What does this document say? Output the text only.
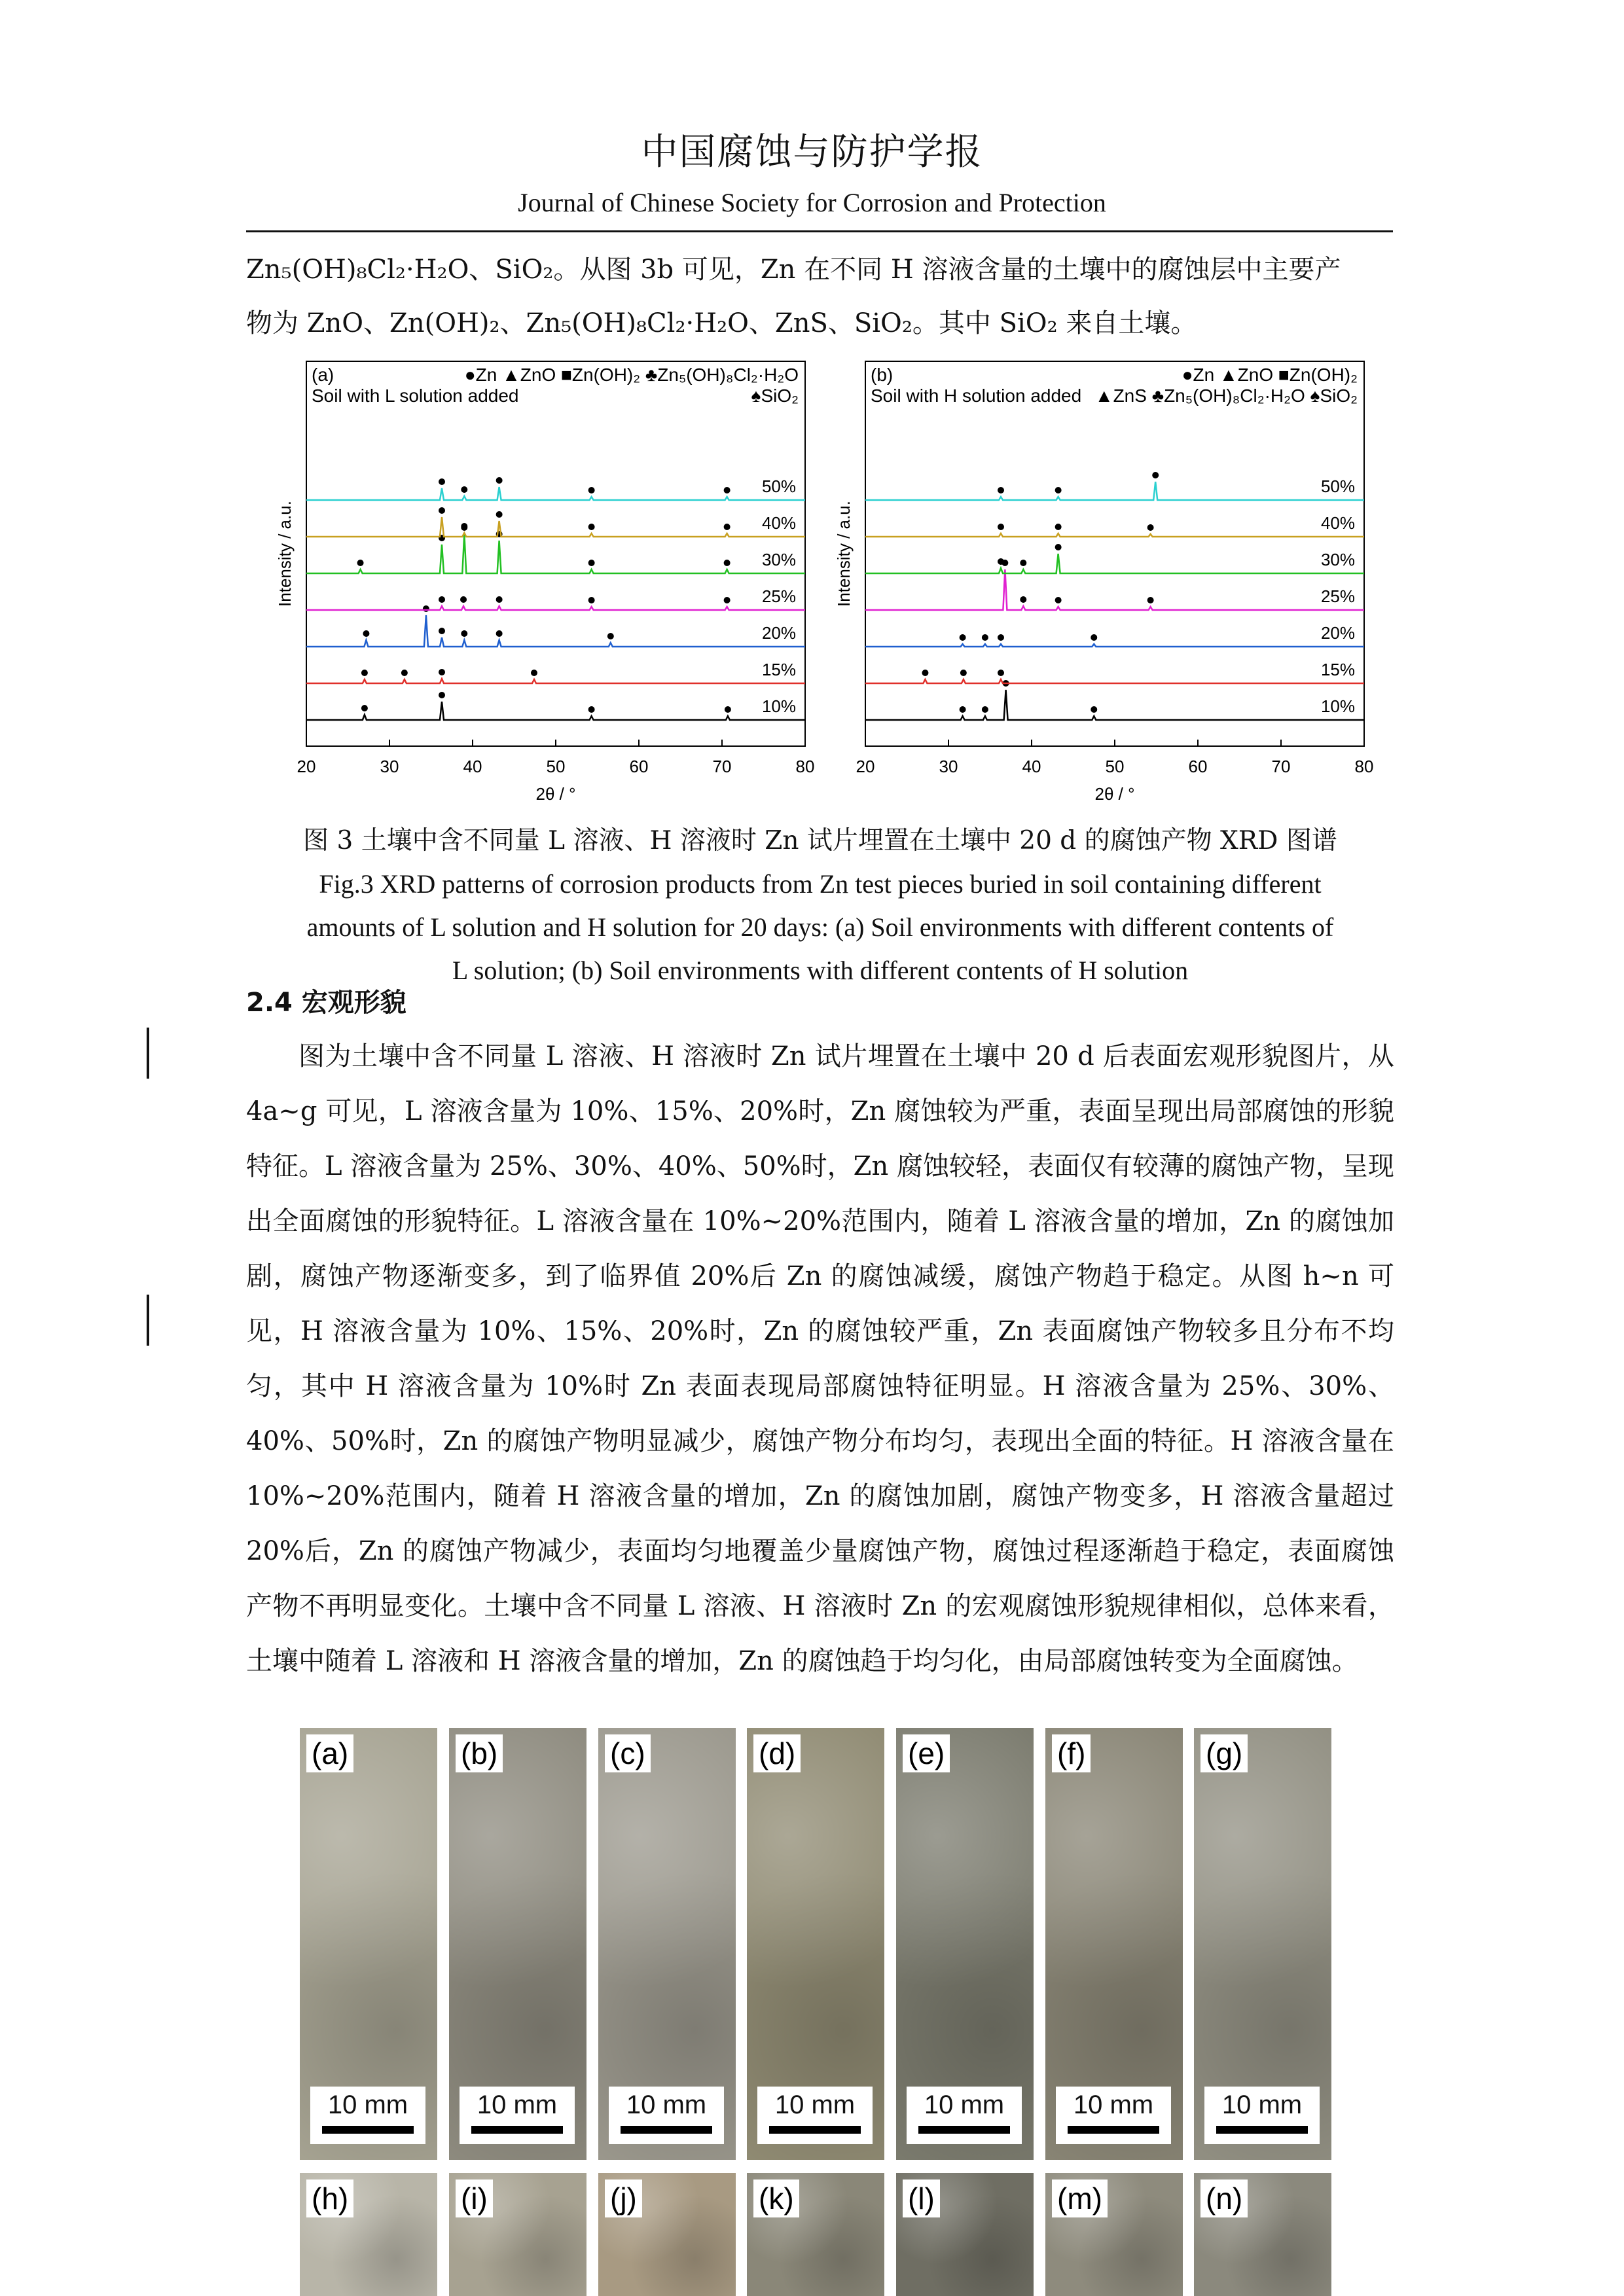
中国腐蚀与防护学报
Journal of Chinese Society for Corrosion and Protection

Zn₅(OH)₈Cl₂·H₂O、SiO₂。从图 3b 可见，Zn 在不同 H 溶液含量的土壤中的腐蚀层中主要产

物为 ZnO、Zn(OH)₂、Zn₅(OH)₈Cl₂·H₂O、ZnS、SiO₂。其中 SiO₂ 来自土壤。

20	30	40	50	60	70	80
2θ / °
Intensity / a.u.
(a)
Soil with L solution added
●Zn ▲ZnO ■Zn(OH)₂ ♣Zn₅(OH)₈Cl₂·H₂O
♠SiO₂
10%
15%
20%
25%
30%
40%
50%
20	30	40	50	60	70	80
2θ / °
Intensity / a.u.
(b)
Soil with H solution added
●Zn ▲ZnO ■Zn(OH)₂
▲ZnS ♣Zn₅(OH)₈Cl₂·H₂O ♠SiO₂
10%
15%
20%
25%
30%
40%
50%
图 3 土壤中含不同量 L 溶液、H 溶液时 Zn 试片埋置在土壤中 20 d 的腐蚀产物 XRD 图谱
Fig.3 XRD patterns of corrosion products from Zn test pieces buried in soil containing different
amounts of L solution and H solution for 20 days: (a) Soil environments with different contents of
L solution; (b) Soil environments with different contents of H solution
2.4 宏观形貌

图为土壤中含不同量 L 溶液、H 溶液时 Zn 试片埋置在土壤中 20 d 后表面宏观形貌图片，从 4a~g 可见，L 溶液含量为 10%、15%、20%时，Zn 腐蚀较为严重，表面呈现出局部腐蚀的形貌特征。L 溶液含量为 25%、30%、40%、50%时，Zn 腐蚀较轻，表面仅有较薄的腐蚀产物，呈现出全面腐蚀的形貌特征。L 溶液含量在 10%~20%范围内，随着 L 溶液含量的增加，Zn 的腐蚀加剧，腐蚀产物逐渐变多，到了临界值 20%后 Zn 的腐蚀减缓，腐蚀产物趋于稳定。从图 h~n 可见，H 溶液含量为 10%、15%、20%时，Zn 的腐蚀较严重，Zn 表面腐蚀产物较多且分布不均匀，其中 H 溶液含量为 10%时 Zn 表面表现局部腐蚀特征明显。H 溶液含量为 25%、30%、40%、50%时，Zn 的腐蚀产物明显减少，腐蚀产物分布均匀，表现出全面的特征。H 溶液含量在 10%~20%范围内，随着 H 溶液含量的增加，Zn 的腐蚀加剧，腐蚀产物变多，H 溶液含量超过 20%后，Zn 的腐蚀产物减少，表面均匀地覆盖少量腐蚀产物，腐蚀过程逐渐趋于稳定，表面腐蚀产物不再明显变化。土壤中含不同量 L 溶液、H 溶液时 Zn 的宏观腐蚀形貌规律相似，总体来看，土壤中随着 L 溶液和 H 溶液含量的增加，Zn 的腐蚀趋于均匀化，由局部腐蚀转变为全面腐蚀。

(a)
10 mm
(b)
10 mm
(c)
10 mm
(d)
10 mm
(e)
10 mm
(f)
10 mm
(g)
10 mm
(h)	(i)	(j)	(k)	(l)	(m)	(n)
